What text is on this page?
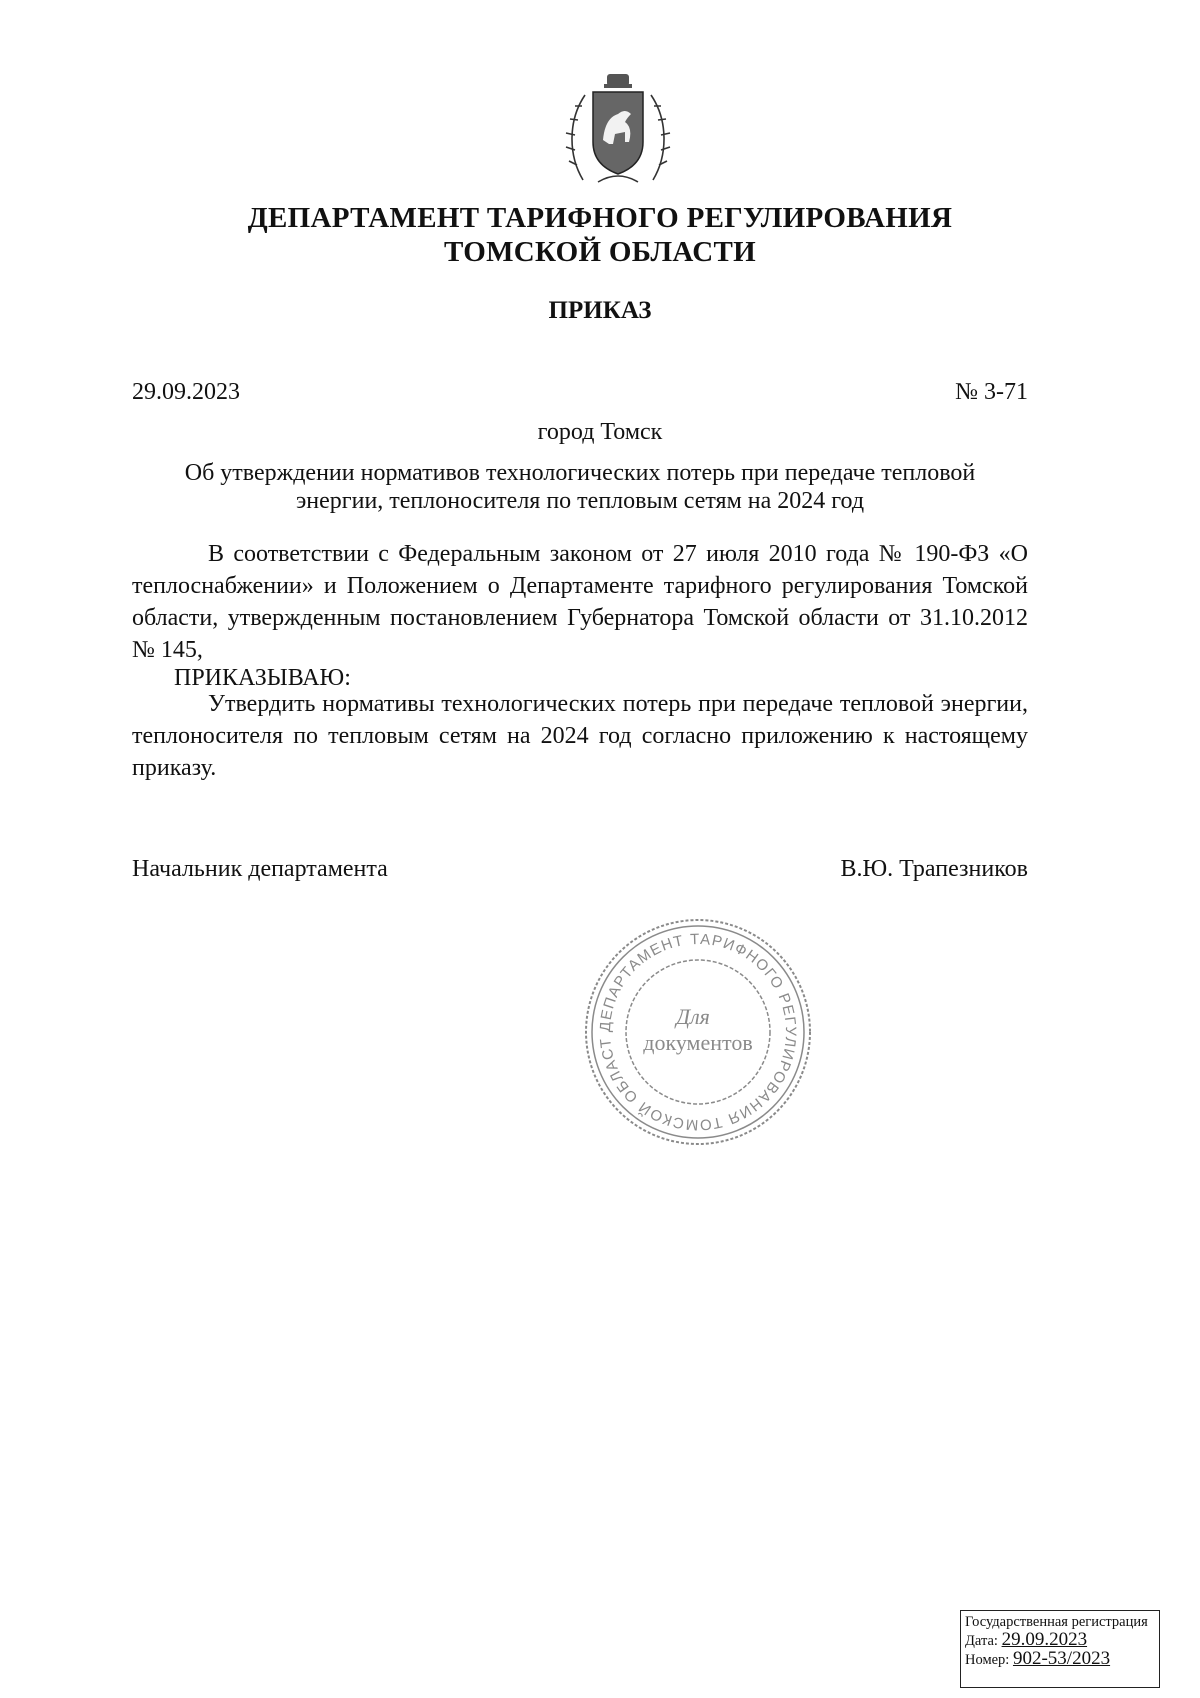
ДЕПАРТАМЕНТ ТАРИФНОГО РЕГУЛИРОВАНИЯ
ТОМСКОЙ ОБЛАСТИ
ПРИКАЗ
29.09.2023	№ 3-71
город Томск
Об утверждении нормативов технологических потерь при передаче тепловой
энергии, теплоносителя по тепловым сетям на 2024 год
В соответствии с Федеральным законом от 27 июля 2010 года № 190-ФЗ «О теплоснабжении» и Положением о Департаменте тарифного регулирования Томской области, утвержденным постановлением Губернатора Томской области от 31.10.2012 № 145,
ПРИКАЗЫВАЮ:
Утвердить нормативы технологических потерь при передаче тепловой энергии, теплоносителя по тепловым сетям на 2024 год согласно приложению к настоящему приказу.
Начальник департамента	В.Ю. Трапезников
ДЕПАРТАМЕНТ ТАРИФНОГО РЕГУЛИРОВАНИЯ ТОМСКОЙ ОБЛАСТ
Для
документов
Государственная регистрация
Дата: 29.09.2023
Номер: 902-53/2023
